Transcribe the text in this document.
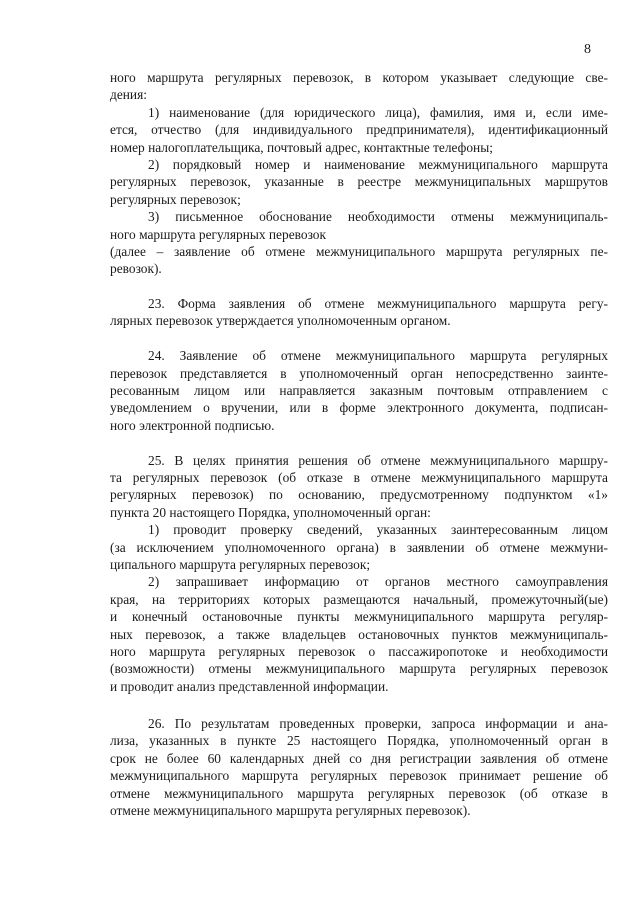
8
ного маршрута регулярных перевозок, в котором указывает следующие све-
дения:
1) наименование (для юридического лица), фамилия, имя и, если име-
ется, отчество (для индивидуального предпринимателя), идентификационный
номер налогоплательщика, почтовый адрес, контактные телефоны;
2) порядковый номер и наименование межмуниципального маршрута
регулярных перевозок, указанные в реестре межмуниципальных маршрутов
регулярных перевозок;
3) письменное обоснование необходимости отмены межмуниципаль-
ного маршрута регулярных перевозок
(далее – заявление об отмене межмуниципального маршрута регулярных пе-
ревозок).
23. Форма заявления об отмене межмуниципального маршрута регу-
лярных перевозок утверждается уполномоченным органом.
24. Заявление об отмене межмуниципального маршрута регулярных
перевозок представляется в уполномоченный орган непосредственно заинте-
ресованным лицом или направляется заказным почтовым отправлением с
уведомлением о вручении, или в форме электронного документа, подписан-
ного электронной подписью.
25. В целях принятия решения об отмене межмуниципального маршру-
та регулярных перевозок (об отказе в отмене межмуниципального маршрута
регулярных перевозок) по основанию, предусмотренному подпунктом «1»
пункта 20 настоящего Порядка, уполномоченный орган:
1) проводит проверку сведений, указанных заинтересованным лицом
(за исключением уполномоченного органа) в заявлении об отмене межмуни-
ципального маршрута регулярных перевозок;
2) запрашивает информацию от органов местного самоуправления
края, на территориях которых размещаются начальный, промежуточный(ые)
и конечный остановочные пункты межмуниципального маршрута регуляр-
ных перевозок, а также владельцев остановочных пунктов межмуниципаль-
ного маршрута регулярных перевозок о пассажиропотоке и необходимости
(возможности) отмены межмуниципального маршрута регулярных перевозок
и проводит анализ представленной информации.
26. По результатам проведенных проверки, запроса информации и ана-
лиза, указанных в пункте 25 настоящего Порядка, уполномоченный орган в
срок не более 60 календарных дней со дня регистрации заявления об отмене
межмуниципального маршрута регулярных перевозок принимает решение об
отмене межмуниципального маршрута регулярных перевозок (об отказе в
отмене межмуниципального маршрута регулярных перевозок).
